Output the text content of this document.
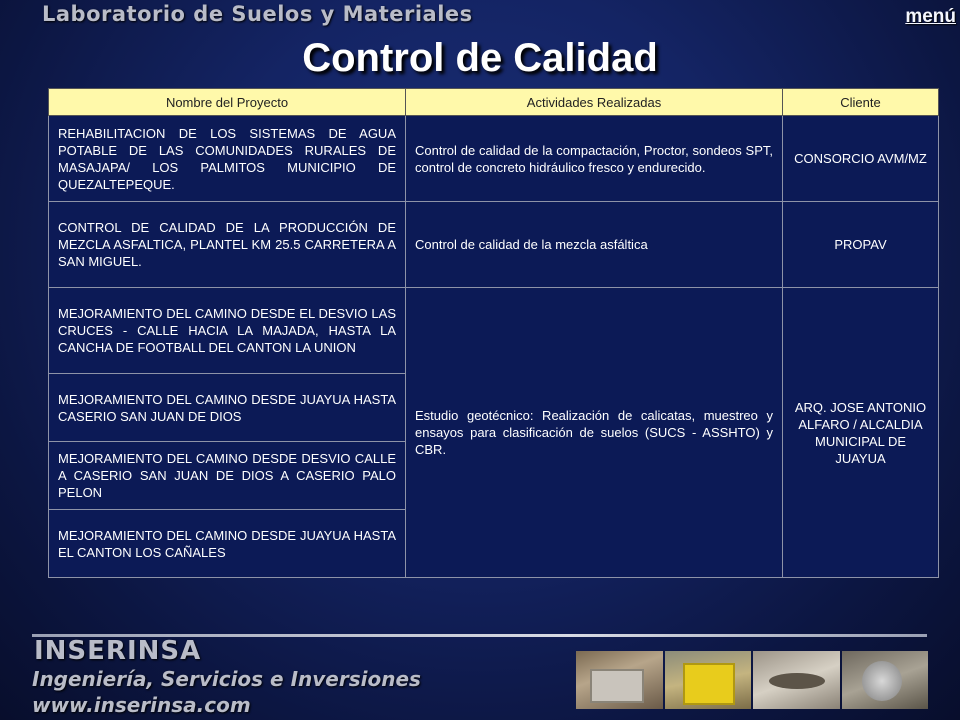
Laboratorio de Suelos y Materiales	menú
Control de Calidad
Nombre del Proyecto	Actividades Realizadas	Cliente
REHABILITACION DE LOS SISTEMAS DE AGUA POTABLE DE LAS COMUNIDADES RURALES DE MASAJAPA/ LOS PALMITOS MUNICIPIO DE QUEZALTEPEQUE.	Control de calidad de la compactación, Proctor, sondeos SPT, control de concreto hidráulico fresco y endurecido.	CONSORCIO AVM/MZ
CONTROL DE CALIDAD DE LA PRODUCCIÓN DE MEZCLA ASFALTICA, PLANTEL KM 25.5 CARRETERA A SAN MIGUEL.	Control de calidad de la mezcla asfáltica	PROPAV
MEJORAMIENTO DEL CAMINO DESDE EL DESVIO LAS CRUCES - CALLE HACIA LA MAJADA, HASTA LA CANCHA DE FOOTBALL DEL CANTON LA UNION	Estudio geotécnico: Realización de calicatas, muestreo y ensayos para clasificación de suelos (SUCS - ASSHTO) y CBR.	ARQ. JOSE ANTONIO ALFARO / ALCALDIA MUNICIPAL DE JUAYUA
MEJORAMIENTO DEL CAMINO DESDE JUAYUA HASTA CASERIO SAN JUAN DE DIOS		
MEJORAMIENTO DEL CAMINO DESDE DESVIO CALLE A CASERIO SAN JUAN DE DIOS A CASERIO PALO PELON		
MEJORAMIENTO DEL CAMINO DESDE JUAYUA HASTA EL CANTON LOS CAÑALES		
INSERINSA
Ingeniería, Servicios e Inversiones
www.inserinsa.com
